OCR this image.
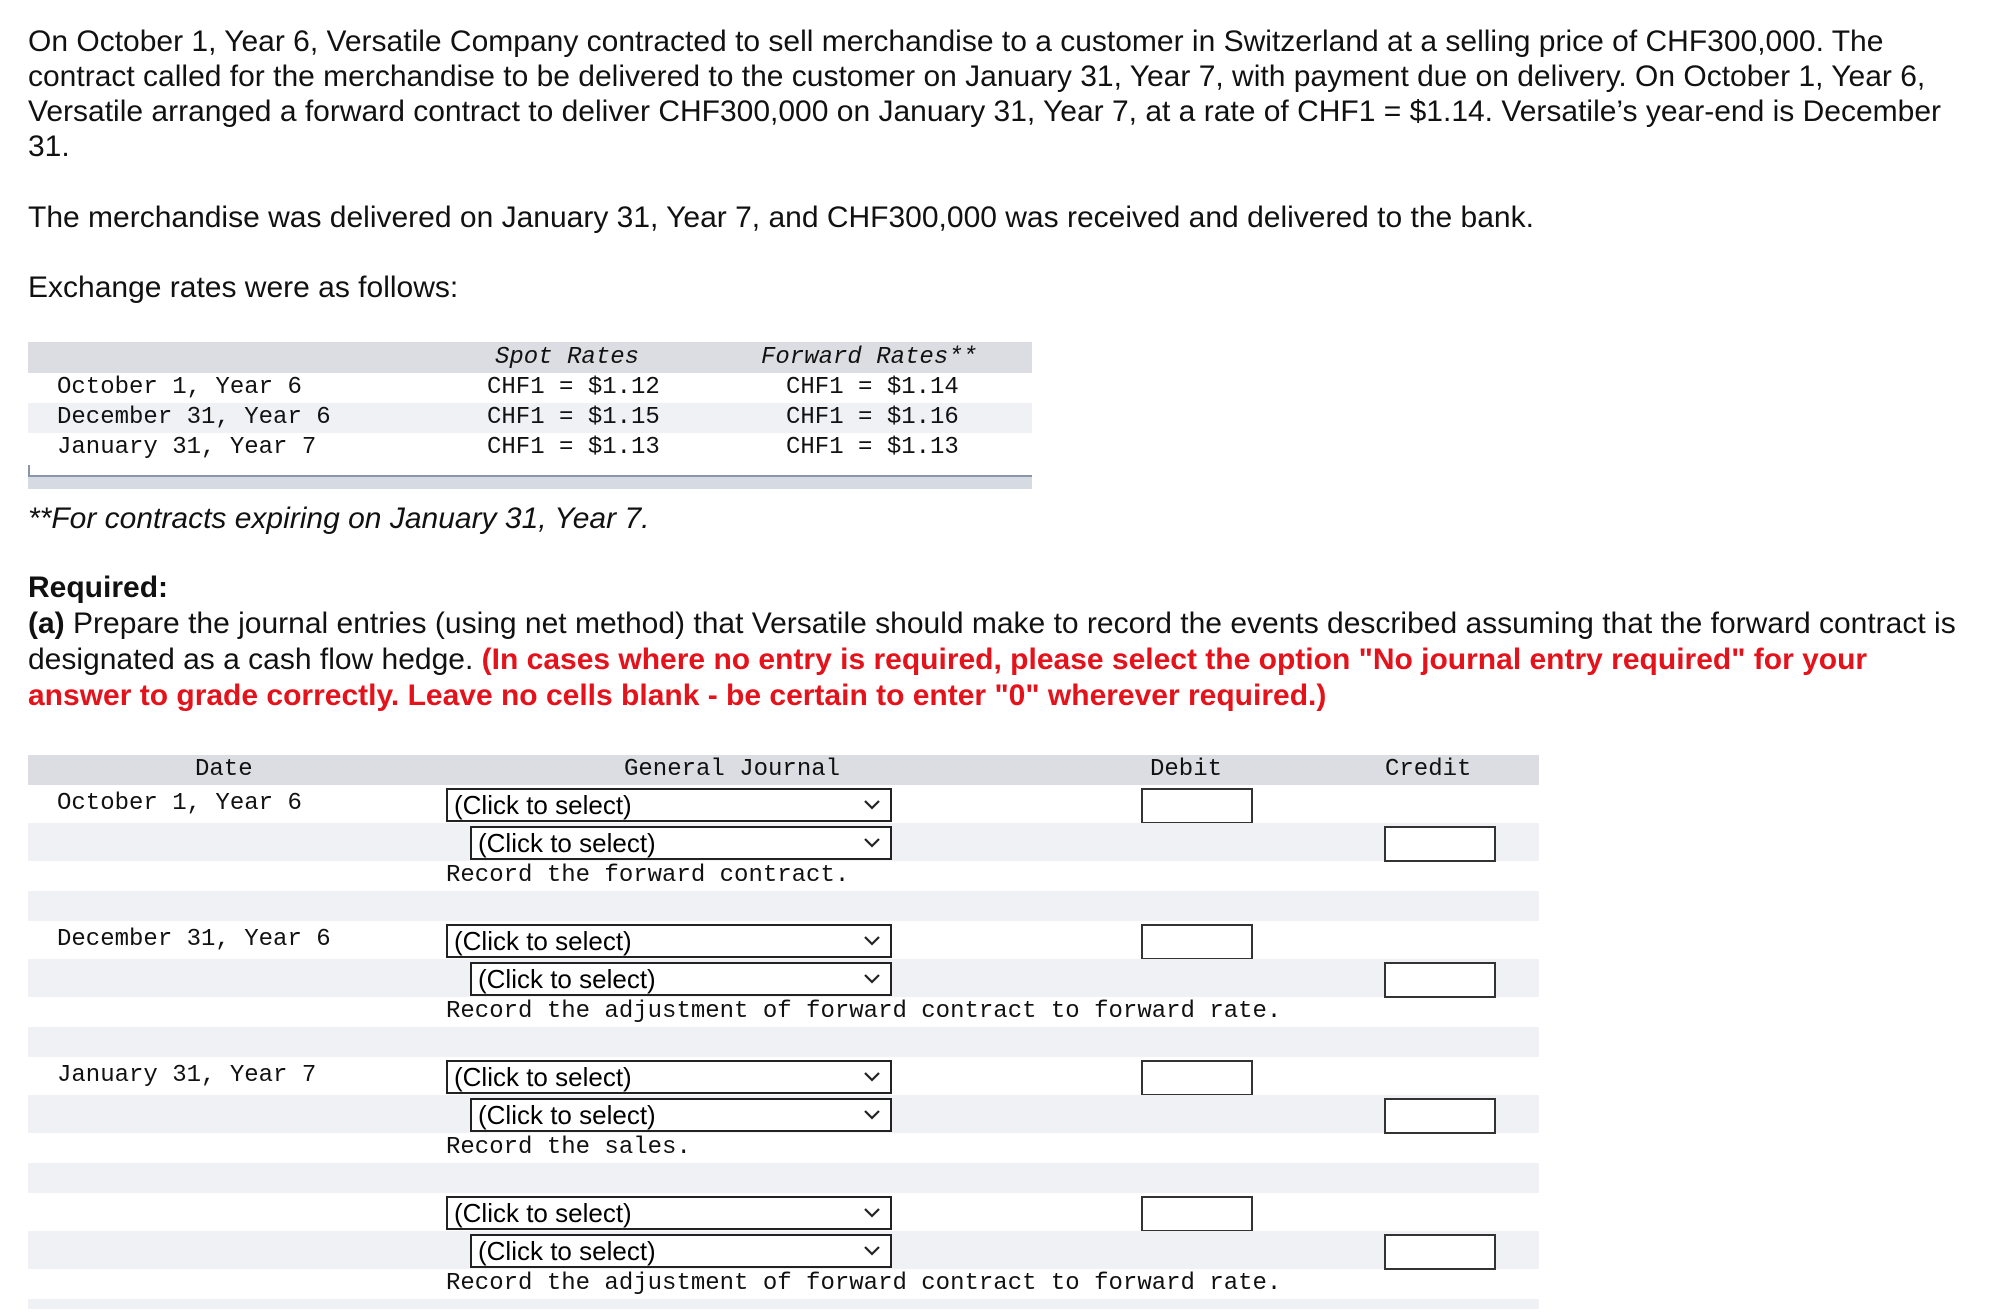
On October 1, Year 6, Versatile Company contracted to sell merchandise to a customer in Switzerland at a selling price of CHF300,000. The contract called for the merchandise to be delivered to the customer on January 31, Year 7, with payment due on delivery. On October 1, Year 6, Versatile arranged a forward contract to deliver CHF300,000 on January 31, Year 7, at a rate of CHF1 = $1.14. Versatile’s year-end is December 31.
The merchandise was delivered on January 31, Year 7, and CHF300,000 was received and delivered to the bank.
Exchange rates were as follows:
Spot Rates	Forward Rates**
October 1, Year 6	CHF1 = $1.12	CHF1 = $1.14
December 31, Year 6	CHF1 = $1.15	CHF1 = $1.16
January 31, Year 7	CHF1 = $1.13	CHF1 = $1.13
**For contracts expiring on January 31, Year 7.
Required:
(a) Prepare the journal entries (using net method) that Versatile should make to record the events described assuming that the forward contract is designated as a cash flow hedge. (In cases where no entry is required, please select the option "No journal entry required" for your answer to grade correctly. Leave no cells blank - be certain to enter "0" wherever required.)
Date	General Journal	Debit	Credit
October 1, Year 6	(Click to select)
(Click to select)
Record the forward contract.
December 31, Year 6	(Click to select)
(Click to select)
Record the adjustment of forward contract to forward rate.
January 31, Year 7	(Click to select)
(Click to select)
Record the sales.
(Click to select)
(Click to select)
Record the adjustment of forward contract to forward rate.
